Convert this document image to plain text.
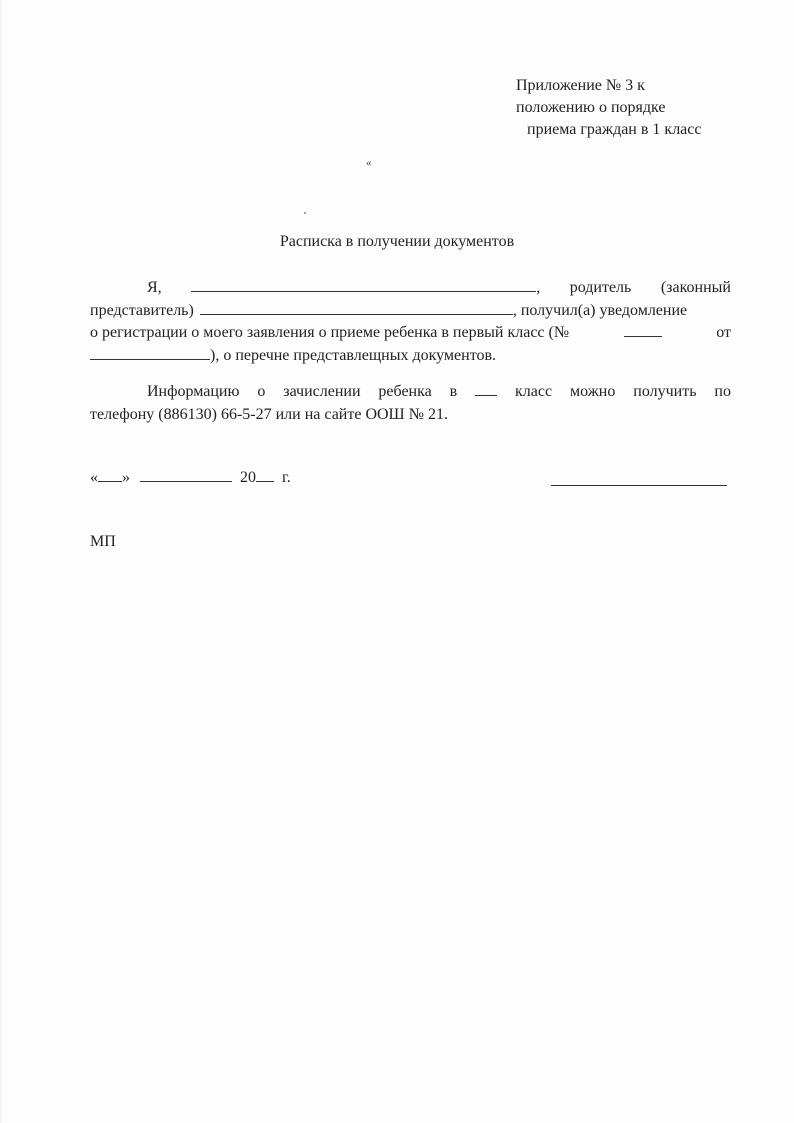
Приложение № 3 к
положению о порядке
приема граждан в 1 класс
«
Расписка в получении документов
Я,	, родитель (законный
представитель)	, получил(а) уведомление
о регистрации о моего заявления о приеме ребенка в первый класс (№	от
), о перечне представлещных документов.
Информацию о зачислении ребенка в	класс можно получить по
телефону (886130) 66-5-27 или на сайте ООШ № 21.
« »	20 г.
МП
